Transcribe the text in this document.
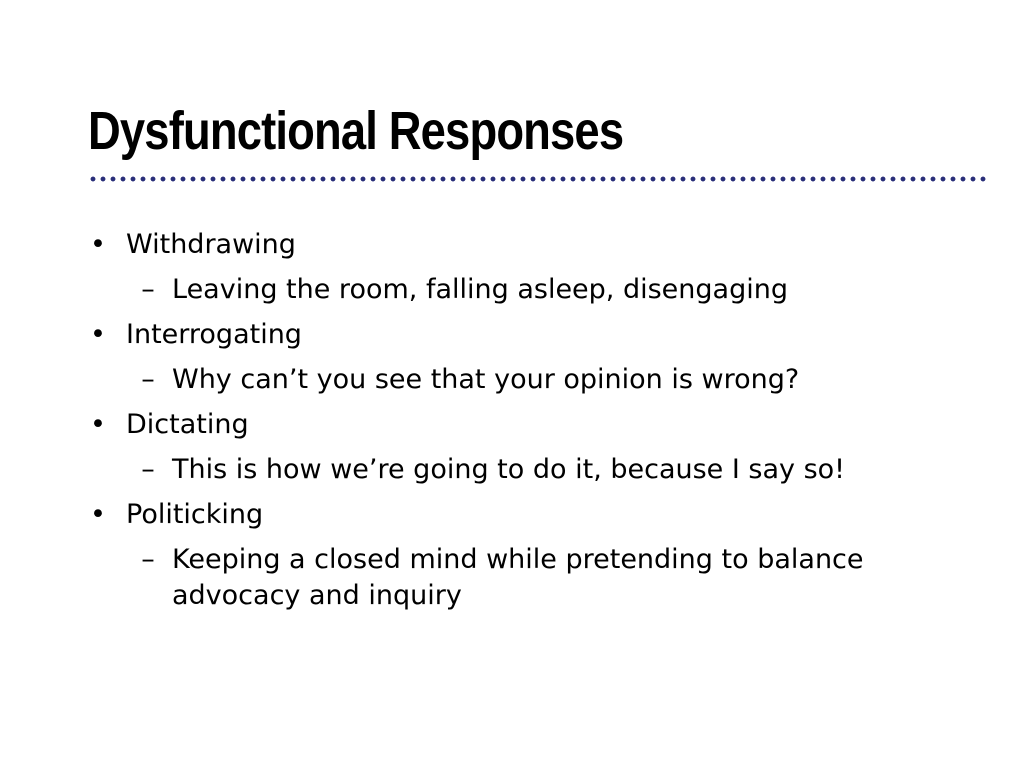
Dysfunctional Responses
• Withdrawing
– Leaving the room, falling asleep, disengaging
• Interrogating
– Why can’t you see that your opinion is wrong?
• Dictating
– This is how we’re going to do it, because I say so!
• Politicking
– Keeping a closed mind while pretending to balance advocacy and inquiry
